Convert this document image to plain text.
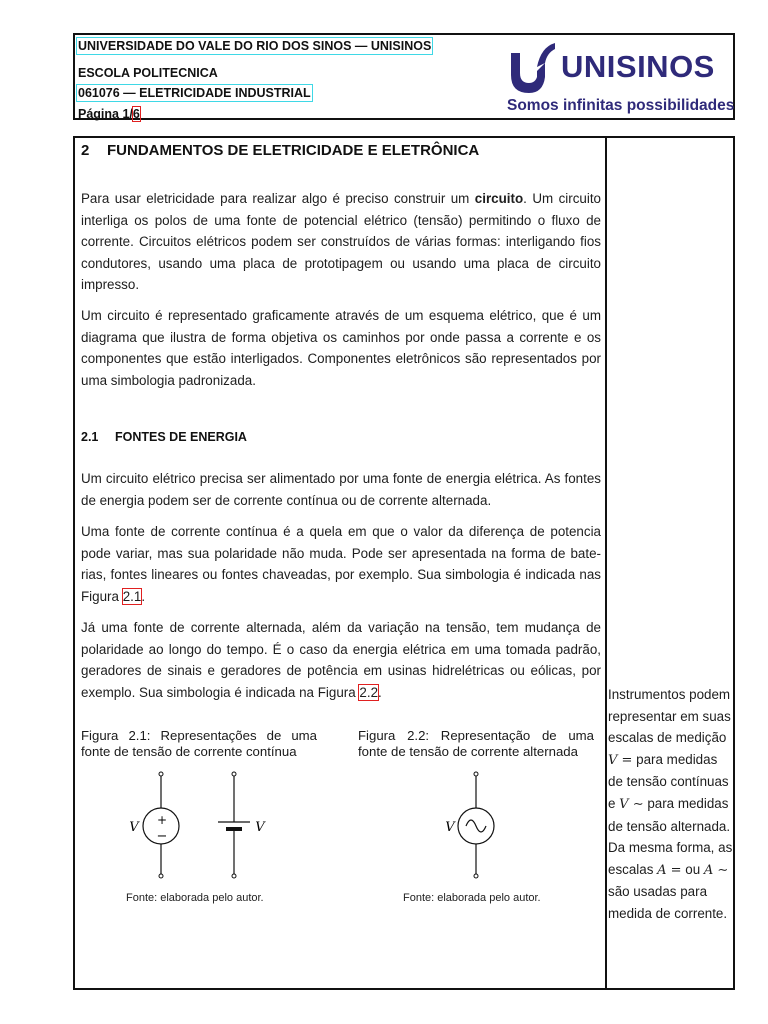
UNIVERSIDADE DO VALE DO RIO DOS SINOS — UNISINOS
ESCOLA POLITECNICA
061076 — ELETRICIDADE INDUSTRIAL
Página 1/6
UNISINOS
Somos infinitas possibilidades
2 FUNDAMENTOS DE ELETRICIDADE E ELETRÔNICA
Para usar eletricidade para realizar algo é preciso construir um circuito. Um circuito interliga os polos de uma fonte de potencial elétrico (tensão) permitindo o fluxo de corrente. Circuitos elétricos podem ser construídos de várias formas: interligando fios condutores, usando uma placa de prototipagem ou usando uma placa de circuito impresso.
Um circuito é representado graficamente através de um esquema elétrico, que é um diagrama que ilustra de forma objetiva os caminhos por onde passa a corrente e os componentes que estão interligados. Componentes eletrônicos são representados por uma simbologia padronizada.
2.1 FONTES DE ENERGIA
Um circuito elétrico precisa ser alimentado por uma fonte de energia elétrica. As fontes de energia podem ser de corrente contínua ou de corrente alternada.
Uma fonte de corrente contínua é a quela em que o valor da diferença de potencia pode variar, mas sua polaridade não muda. Pode ser apresentada na forma de bate-rias, fontes lineares ou fontes chaveadas, por exemplo. Sua simbologia é indicada nas Figura 2.1.
Já uma fonte de corrente alternada, além da variação na tensão, tem mudança de polaridade ao longo do tempo. É o caso da energia elétrica em uma tomada padrão, geradores de sinais e geradores de potência em usinas hidrelétricas ou eólicas, por exemplo. Sua simbologia é indicada na Figura 2.2.
Figura 2.1: Representações de uma fonte de tensão de corrente contínua
Figura 2.2: Representação de uma fonte de tensão de corrente alternada
+
−
V	V
Fonte: elaborada pelo autor.
V
Fonte: elaborada pelo autor.
Instrumentos podem representar em suas escalas de medição V = para medidas de tensão contínuas e V ∼ para medidas de tensão alternada. Da mesma forma, as escalas A = ou A ∼ são usadas para medida de corrente.
